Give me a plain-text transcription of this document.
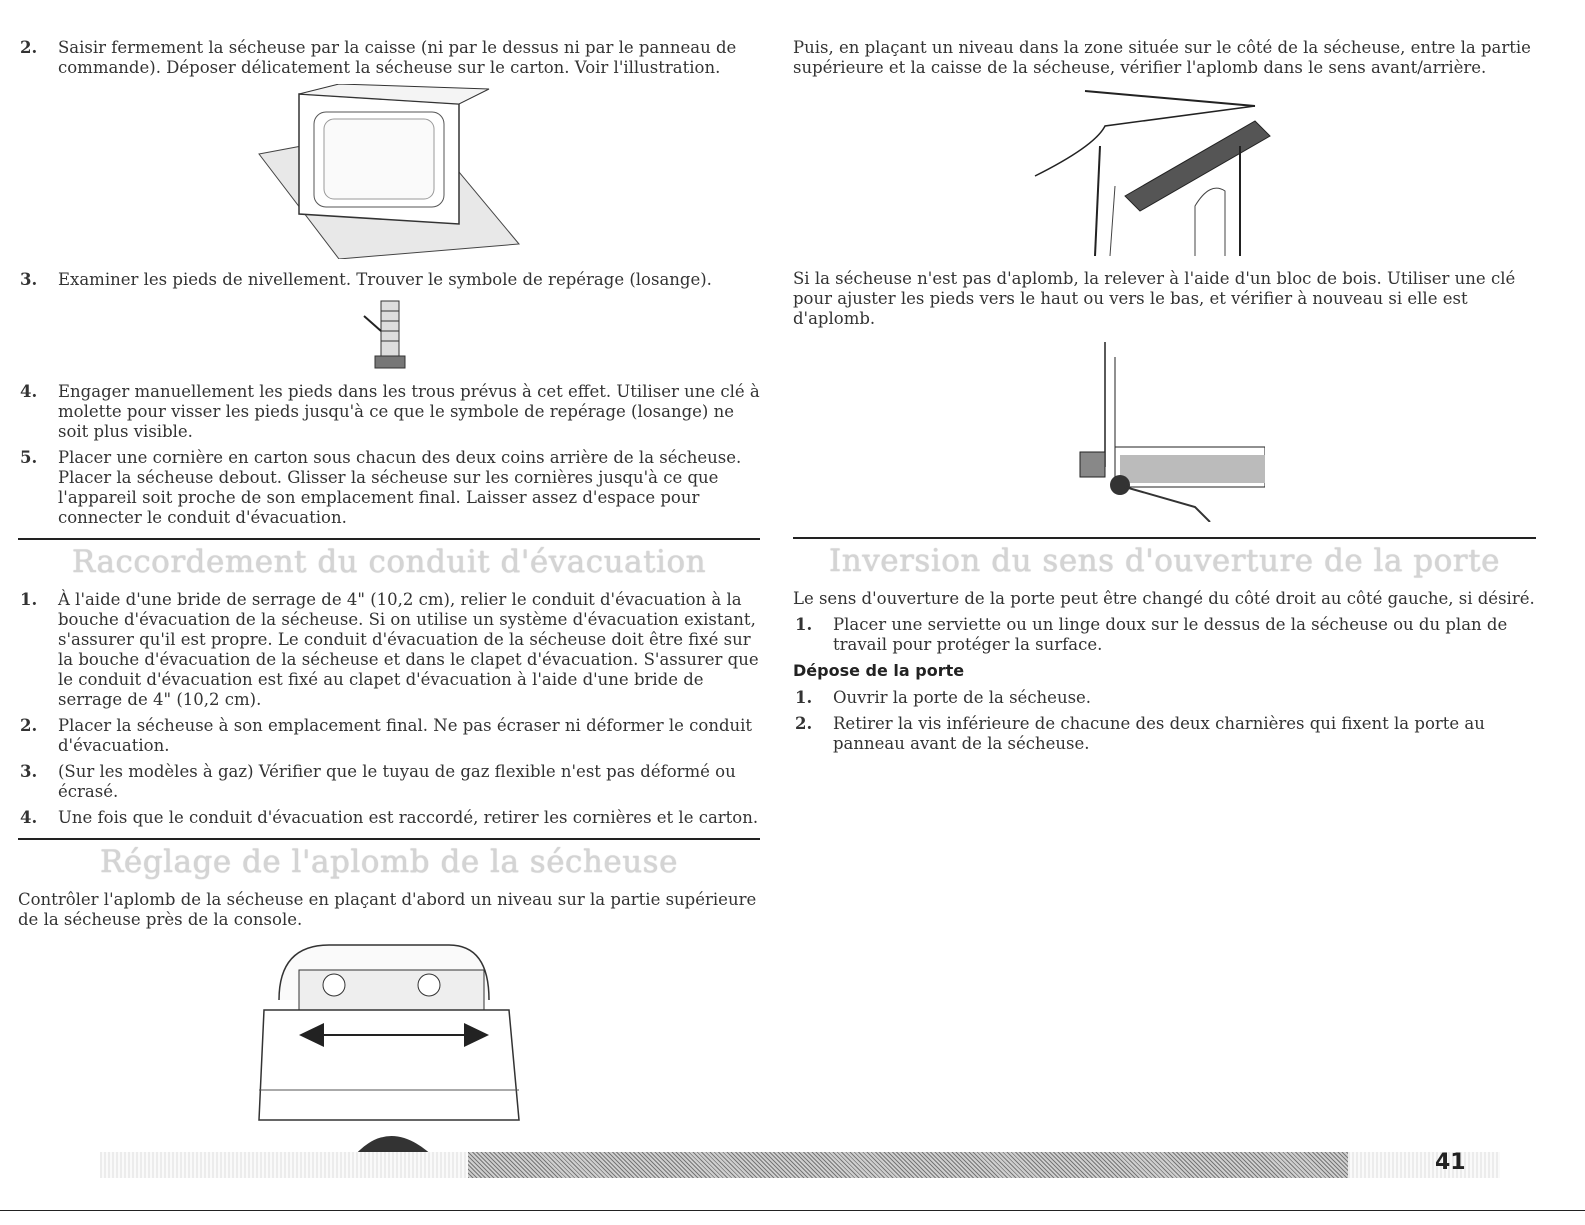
2.	Saisir fermement la sécheuse par la caisse (ni par le dessus ni par le panneau de commande). Déposer délicatement la sécheuse sur le carton. Voir l'illustration.
3.	Examiner les pieds de nivellement. Trouver le symbole de repérage (losange).
4.	Engager manuellement les pieds dans les trous prévus à cet effet. Utiliser une clé à molette pour visser les pieds jusqu'à ce que le symbole de repérage (losange) ne soit plus visible.
5.	Placer une cornière en carton sous chacun des deux coins arrière de la sécheuse. Placer la sécheuse debout. Glisser la sécheuse sur les cornières jusqu'à ce que l'appareil soit proche de son emplacement final. Laisser assez d'espace pour connecter le conduit d'évacuation.
Raccordement du conduit d'évacuation
1.	À l'aide d'une bride de serrage de 4" (10,2 cm), relier le conduit d'évacuation à la bouche d'évacuation de la sécheuse. Si on utilise un système d'évacuation existant, s'assurer qu'il est propre. Le conduit d'évacuation de la sécheuse doit être fixé sur la bouche d'évacuation de la sécheuse et dans le clapet d'évacuation. S'assurer que le conduit d'évacuation est fixé au clapet d'évacuation à l'aide d'une bride de serrage de 4" (10,2 cm).
2.	Placer la sécheuse à son emplacement final. Ne pas écraser ni déformer le conduit d'évacuation.
3.	(Sur les modèles à gaz) Vérifier que le tuyau de gaz flexible n'est pas déformé ou écrasé.
4.	Une fois que le conduit d'évacuation est raccordé, retirer les cornières et le carton.
Réglage de l'aplomb de la sécheuse

Contrôler l'aplomb de la sécheuse en plaçant d'abord un niveau sur la partie supérieure de la sécheuse près de la console.

Puis, en plaçant un niveau dans la zone située sur le côté de la sécheuse, entre la partie supérieure et la caisse de la sécheuse, vérifier l'aplomb dans le sens avant/arrière.

Si la sécheuse n'est pas d'aplomb, la relever à l'aide d'un bloc de bois. Utiliser une clé pour ajuster les pieds vers le haut ou vers le bas, et vérifier à nouveau si elle est d'aplomb.

Inversion du sens d'ouverture de la porte

Le sens d'ouverture de la porte peut être changé du côté droit au côté gauche, si désiré.

1.	Placer une serviette ou un linge doux sur le dessus de la sécheuse ou du plan de travail pour protéger la surface.
Dépose de la porte
1.	Ouvrir la porte de la sécheuse.
2.	Retirer la vis inférieure de chacune des deux charnières qui fixent la porte au panneau avant de la sécheuse.
41
